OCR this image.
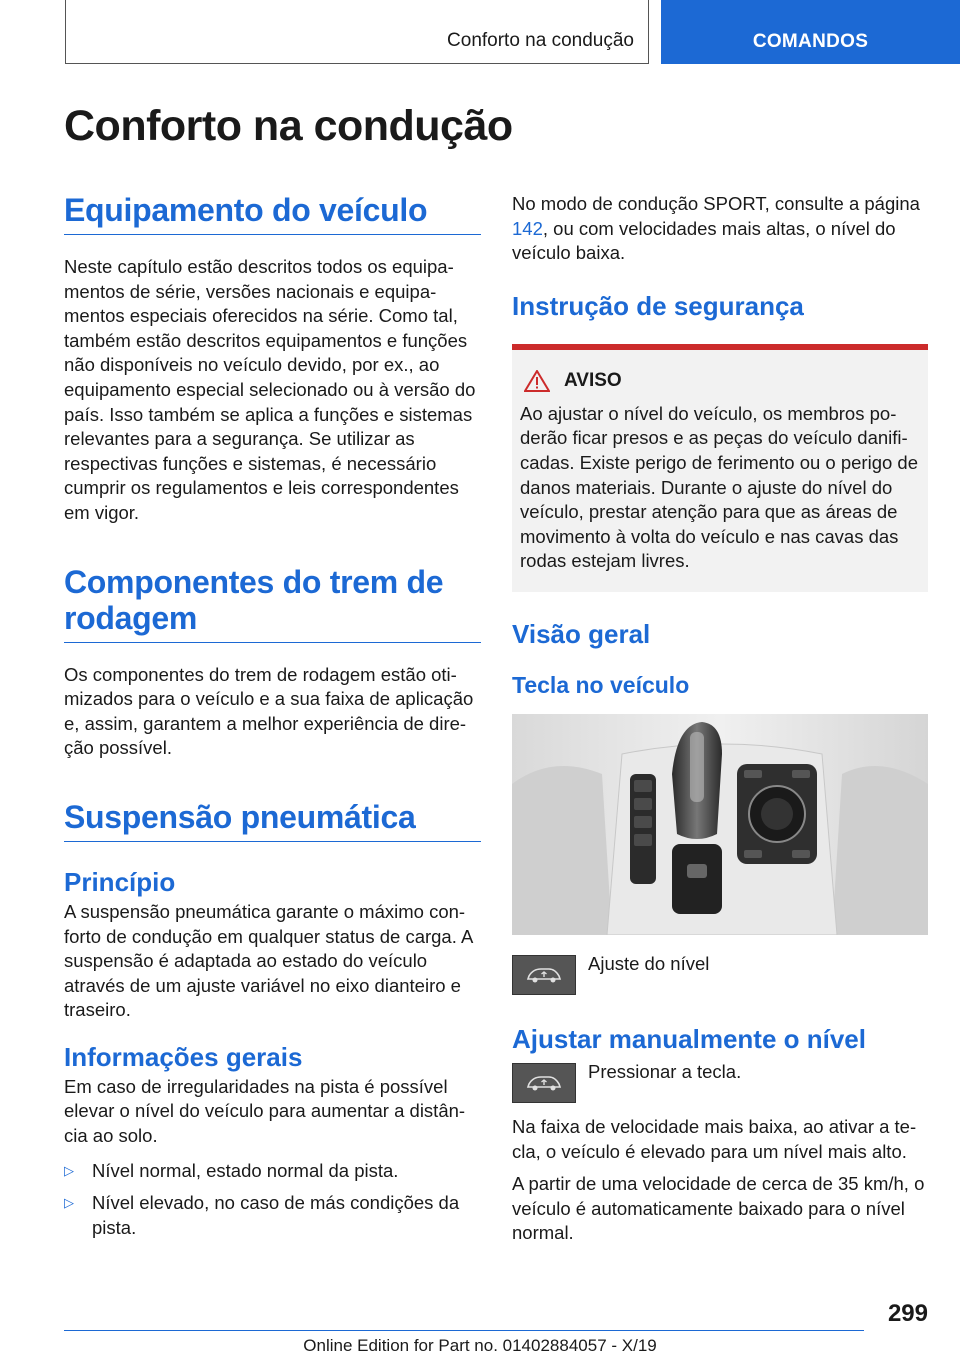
Conforto na condução	COMANDOS
Conforto na condução
Equipamento do veículo
Neste capítulo estão descritos todos os equipamentos de série, versões nacionais e equipamentos especiais oferecidos na série. Como tal, também estão descritos equipamentos e funções não disponíveis no veículo devido, por ex., ao equipamento especial selecionado ou à versão do país. Isso também se aplica a funções e sistemas relevantes para a segurança. Se utilizar as respectivas funções e sistemas, é necessário cumprir os regulamentos e leis correspondentes em vigor.
Componentes do trem de rodagem
Os componentes do trem de rodagem estão otimizados para o veículo e a sua faixa de aplicação e, assim, garantem a melhor experiência de direção possível.
Suspensão pneumática
Princípio
A suspensão pneumática garante o máximo conforto de condução em qualquer status de carga. A suspensão é adaptada ao estado do veículo através de um ajuste variável no eixo dianteiro e traseiro.
Informações gerais
Em caso de irregularidades na pista é possível elevar o nível do veículo para aumentar a distância ao solo.
▷ Nível normal, estado normal da pista.
▷ Nível elevado, no caso de más condições da pista.
No modo de condução SPORT, consulte a página 142, ou com velocidades mais altas, o nível do veículo baixa.
Instrução de segurança
AVISO
Ao ajustar o nível do veículo, os membros poderão ficar presos e as peças do veículo danificadas. Existe perigo de ferimento ou o perigo de danos materiais. Durante o ajuste do nível do veículo, prestar atenção para que as áreas de movimento à volta do veículo e nas cavas das rodas estejam livres.
Visão geral
Tecla no veículo
Ajuste do nível
Ajustar manualmente o nível
Pressionar a tecla.
Na faixa de velocidade mais baixa, ao ativar a tecla, o veículo é elevado para um nível mais alto.
A partir de uma velocidade de cerca de 35 km/h, o veículo é automaticamente baixado para o nível normal.
299
Online Edition for Part no. 01402884057 - X/19
